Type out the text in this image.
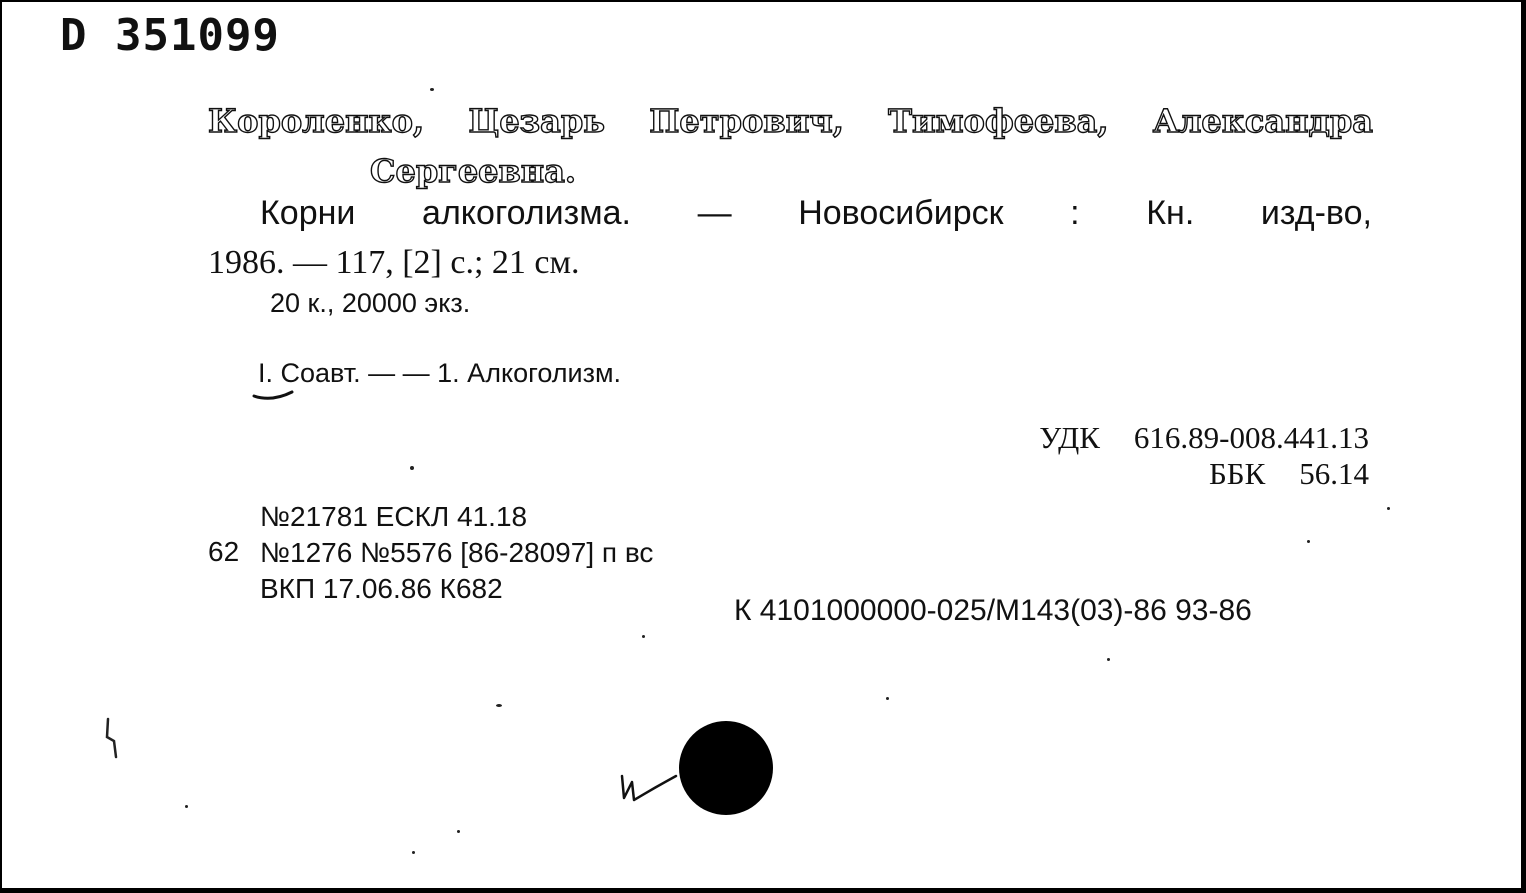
D 351099
Короленко, Цезарь Петрович, Тимофеева, Александра
Сергеевна.
Корни алкоголизма. — Новосибирск : Кн. изд-во,
1986. — 117, [2] с.; 21 см.
20 к., 20000 экз.
I. Соавт. — — 1. Алкоголизм.
УДК 616.89-008.441.13
ББК 56.14
№21781 ЕСКЛ 41.18
№1276 №5576 [86-28097] п вс
ВКП 17.06.86 К682
62
К 4101000000-025/М143(03)-86 93-86
